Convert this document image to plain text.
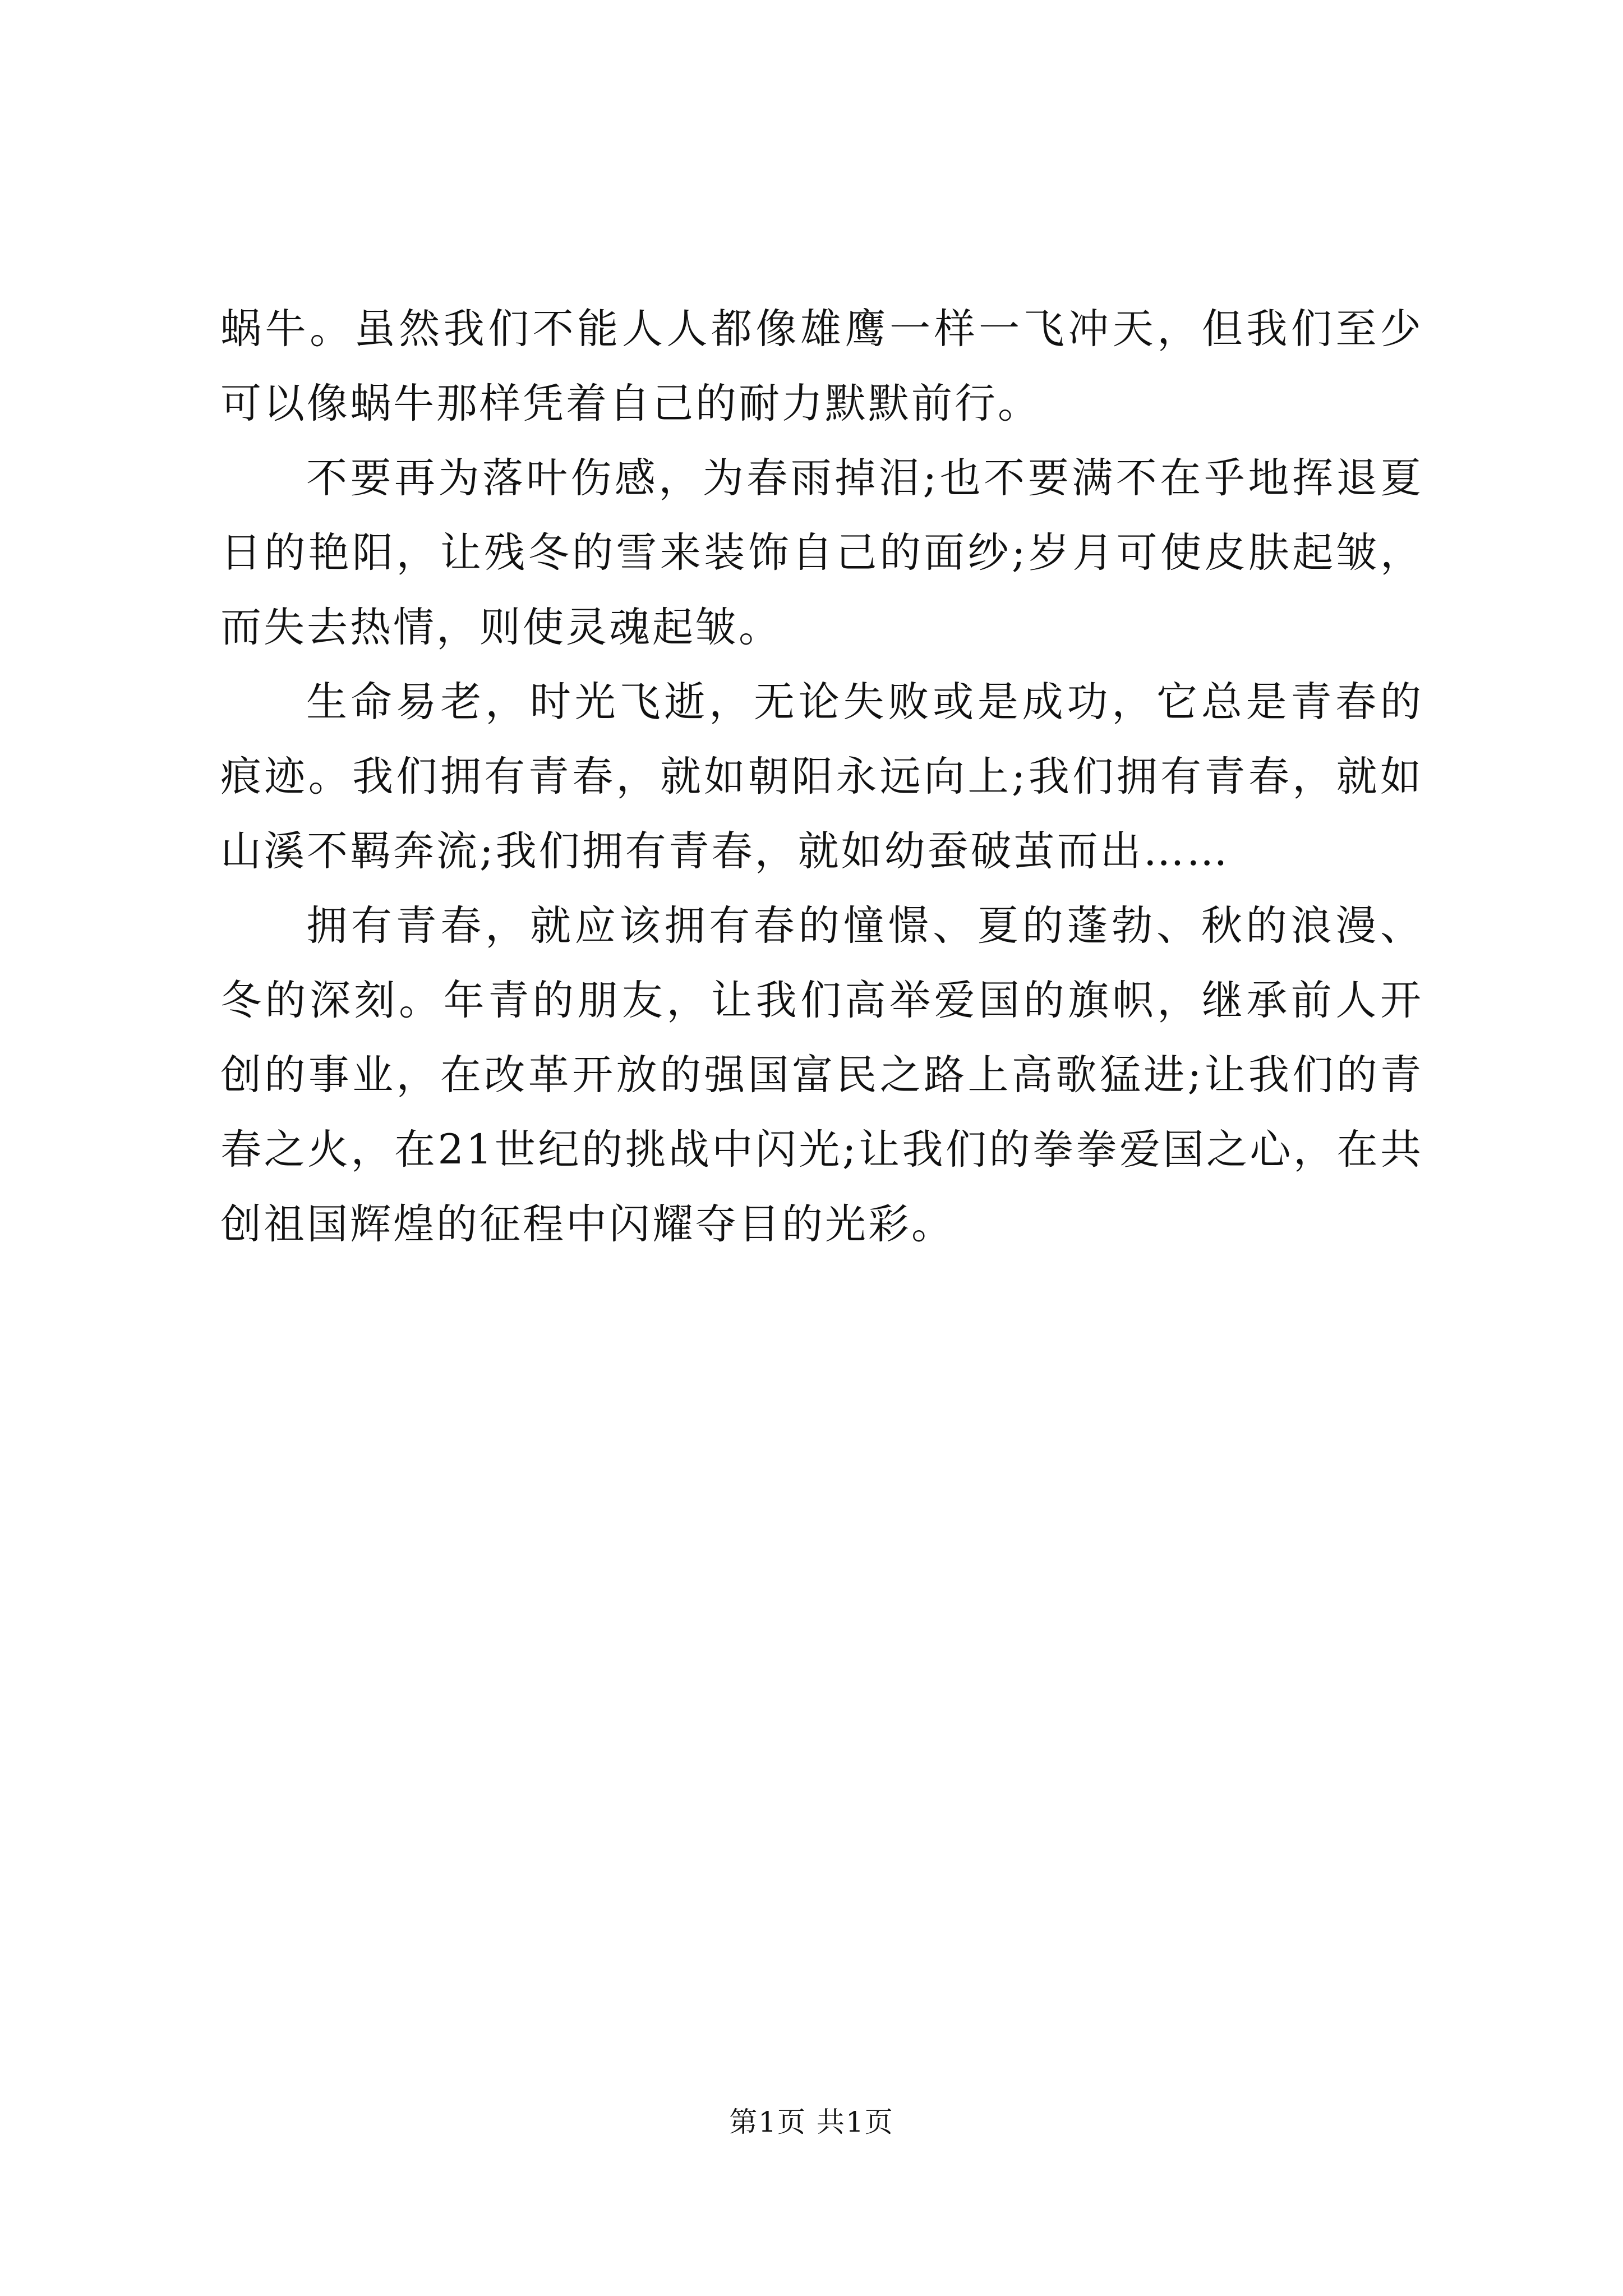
蜗牛。虽然我们不能人人都像雄鹰一样一飞冲天，但我们至少可以像蜗牛那样凭着自己的耐力默默前行。

不要再为落叶伤感，为春雨掉泪;也不要满不在乎地挥退夏日的艳阳，让残冬的雪来装饰自己的面纱;岁月可使皮肤起皱，而失去热情，则使灵魂起皱。

生命易老，时光飞逝，无论失败或是成功，它总是青春的痕迹。我们拥有青春，就如朝阳永远向上;我们拥有青春，就如山溪不羁奔流;我们拥有青春，就如幼蚕破茧而出……

拥有青春，就应该拥有春的憧憬、夏的蓬勃、秋的浪漫、冬的深刻。年青的朋友，让我们高举爱国的旗帜，继承前人开创的事业，在改革开放的强国富民之路上高歌猛进;让我们的青春之火，在21世纪的挑战中闪光;让我们的拳拳爱国之心，在共创祖国辉煌的征程中闪耀夺目的光彩。

第1页 共1页
